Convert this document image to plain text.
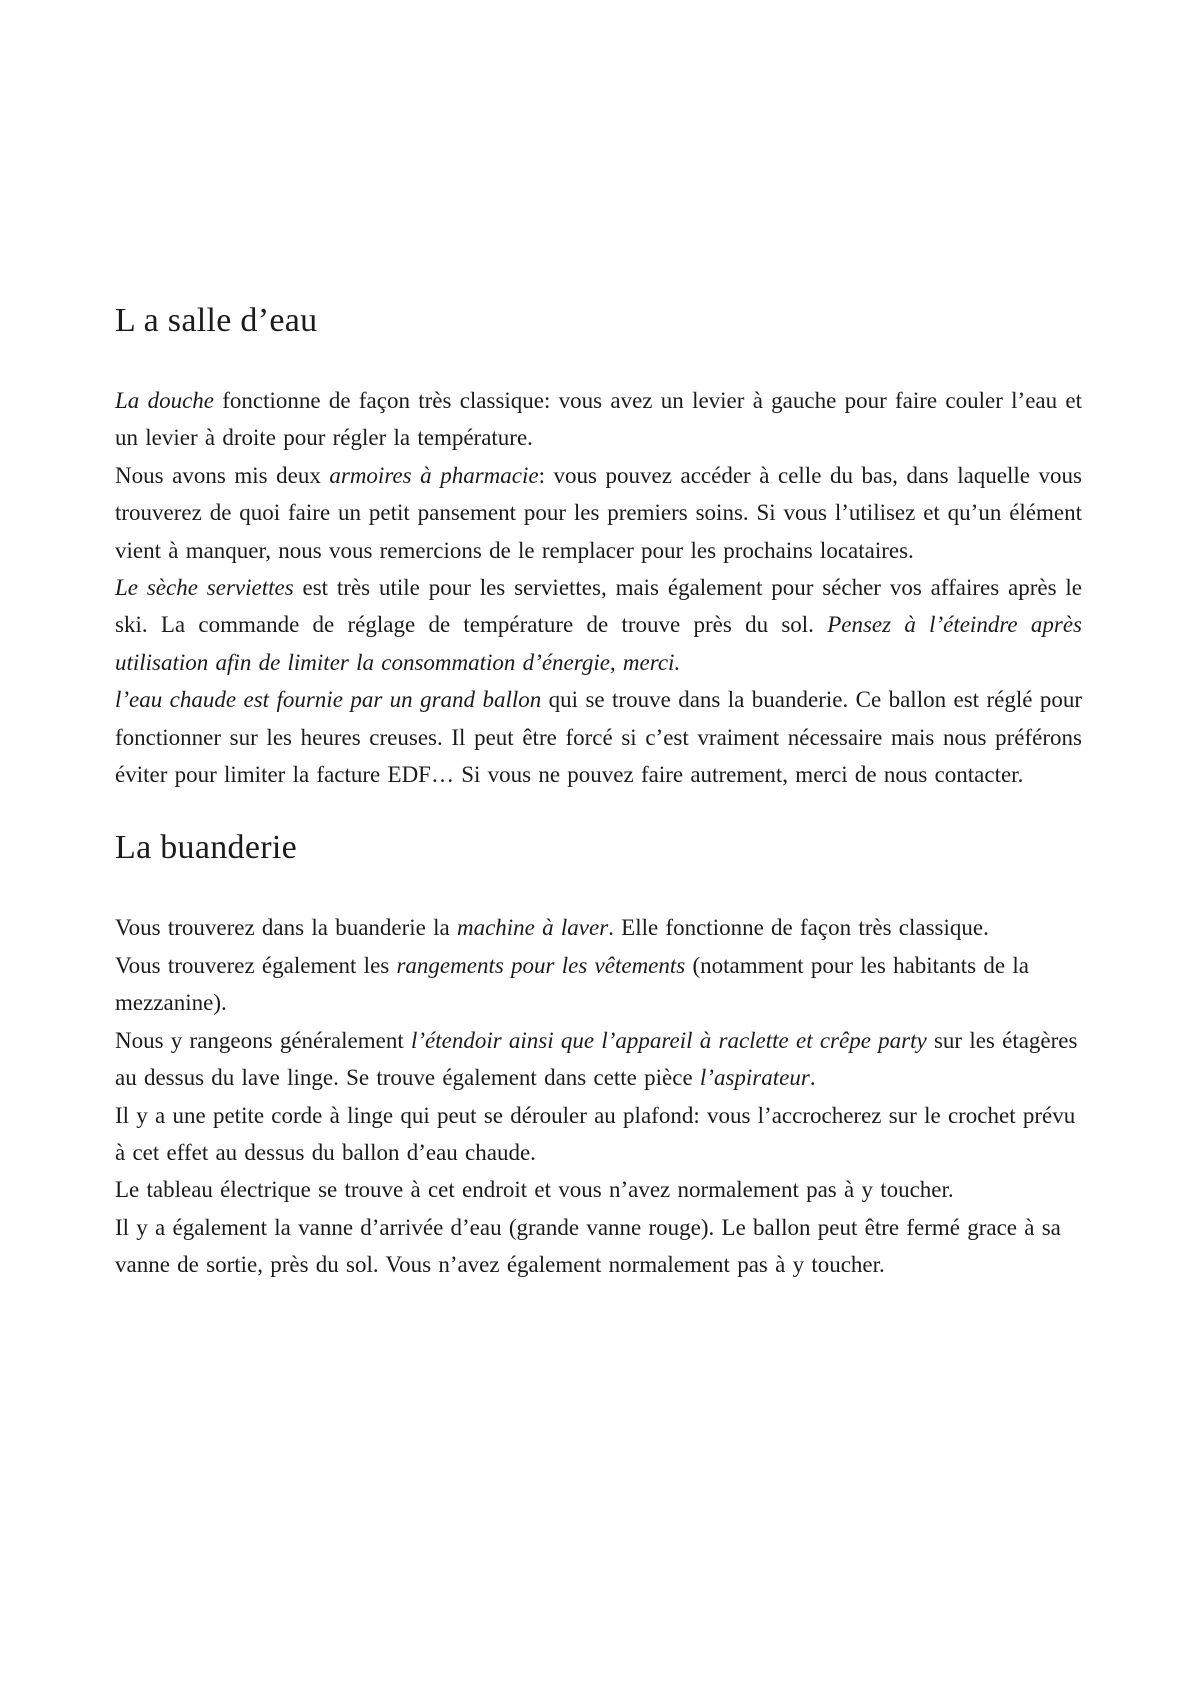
L a salle d’eau

La douche fonctionne de façon très classique: vous avez un levier à gauche pour faire couler l’eau et un levier à droite pour régler la température.

Nous avons mis deux armoires à pharmacie: vous pouvez accéder à celle du bas, dans laquelle vous trouverez de quoi faire un petit pansement pour les premiers soins. Si vous l’utilisez et qu’un élément vient à manquer, nous vous remercions de le remplacer pour les prochains locataires.

Le sèche serviettes est très utile pour les serviettes, mais également pour sécher vos affaires après le ski. La commande de réglage de température de trouve près du sol. Pensez à l’éteindre après utilisation afin de limiter la consommation d’énergie, merci.

l’eau chaude est fournie par un grand ballon qui se trouve dans la buanderie. Ce ballon est réglé pour fonctionner sur les heures creuses. Il peut être forcé si c’est vraiment nécessaire mais nous préférons éviter pour limiter la facture EDF… Si vous ne pouvez faire autrement, merci de nous contacter.

La buanderie

Vous trouverez dans la buanderie la machine à laver. Elle fonctionne de façon très classique.

Vous trouverez également les rangements pour les vêtements (notamment pour les habitants de la mezzanine).

Nous y rangeons généralement l’étendoir ainsi que l’appareil à raclette et crêpe party sur les étagères au dessus du lave linge. Se trouve également dans cette pièce l’aspirateur.

Il y a une petite corde à linge qui peut se dérouler au plafond: vous l’accrocherez sur le crochet prévu à cet effet au dessus du ballon d’eau chaude.

Le tableau électrique se trouve à cet endroit et vous n’avez normalement pas à y toucher.

Il y a également la vanne d’arrivée d’eau (grande vanne rouge). Le ballon peut être fermé grace à sa vanne de sortie, près du sol. Vous n’avez également normalement pas à y toucher.
